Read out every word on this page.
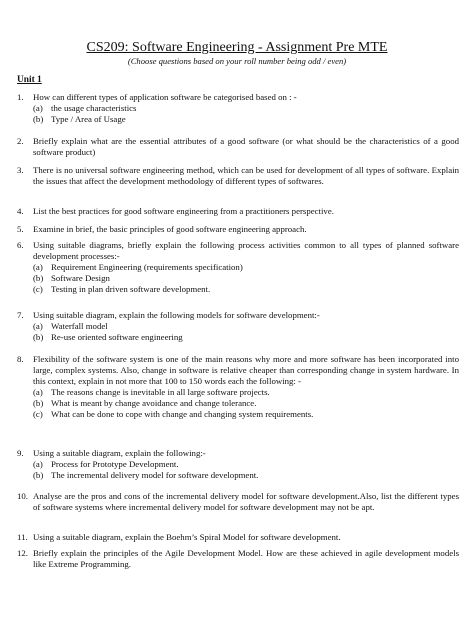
CS209: Software Engineering - Assignment Pre MTE
(Choose questions based on your roll number being odd / even)
Unit 1
1. How can different types of application software be categorised based on : -

(a) the usage characteristics

(b) Type / Area of Usage

2. Briefly explain what are the essential attributes of a good software (or what should be the characteristics of a good software product)

3. There is no universal software engineering method, which can be used for development of all types of software. Explain the issues that affect the development methodology of different types of softwares.

4. List the best practices for good software engineering from a practitioners perspective.

5. Examine in brief, the basic principles of good software engineering approach.

6. Using suitable diagrams, briefly explain the following process activities common to all types of planned software development processes:-

(a) Requirement Engineering (requirements specification)

(b) Software Design

(c) Testing in plan driven software development.

7. Using suitable diagram, explain the following models for software development:-

(a) Waterfall model

(b) Re-use oriented software engineering

8. Flexibility of the software system is one of the main reasons why more and more software has been incorporated into large, complex systems. Also, change in software is relative cheaper than corresponding change in system hardware. In this context, explain in not more that 100 to 150 words each the following: -

(a) The reasons change is inevitable in all large software projects.

(b) What is meant by change avoidance and change tolerance.

(c) What can be done to cope with change and changing system requirements.

9. Using a suitable diagram, explain the following:-

(a) Process for Prototype Development.

(b) The incremental delivery model for software development.

10. Analyse are the pros and cons of the incremental delivery model for software development.Also, list the different types of software systems where incremental delivery model for software development may not be apt.

11. Using a suitable diagram, explain the Boehm’s Spiral Model for software development.

12. Briefly explain the principles of the Agile Development Model. How are these achieved in agile development models like Extreme Programming.
